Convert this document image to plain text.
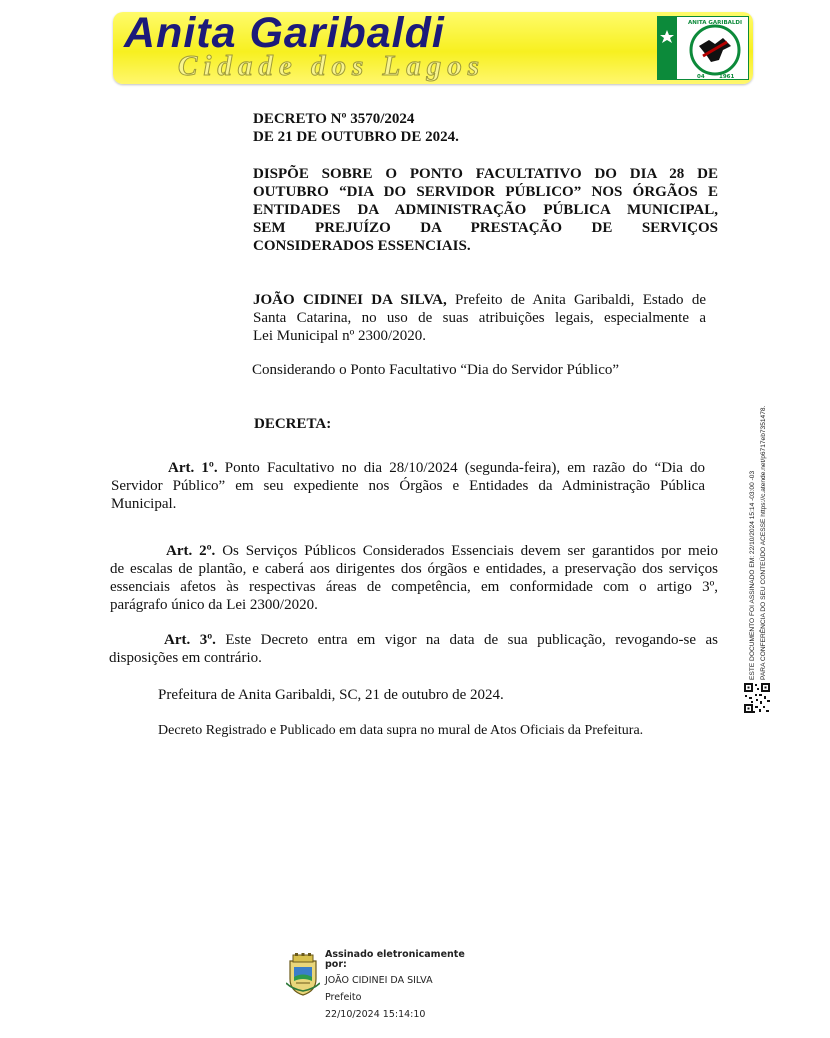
Anita Garibaldi
Cidade dos Lagos
ANITA GARIBALDI
04	1961
DECRETO Nº 3570/2024
DE 21 DE OUTUBRO DE 2024.
DISPÕE SOBRE O PONTO FACULTATIVO DO DIA 28 DE
OUTUBRO “DIA DO SERVIDOR PÚBLICO” NOS ÓRGÃOS E
ENTIDADES DA ADMINISTRAÇÃO PÚBLICA MUNICIPAL,
SEM PREJUÍZO DA PRESTAÇÃO DE SERVIÇOS
CONSIDERADOS ESSENCIAIS.
JOÃO CIDINEI DA SILVA, Prefeito de Anita Garibaldi, Estado de
Santa Catarina, no uso de suas atribuições legais, especialmente a
Lei Municipal nº 2300/2020.
Considerando o Ponto Facultativo “Dia do Servidor Público”
DECRETA:
Art. 1º. Ponto Facultativo no dia 28/10/2024 (segunda-feira), em razão do “Dia do
Servidor Público” em seu expediente nos Órgãos e Entidades da Administração Pública
Municipal.
Art. 2º. Os Serviços Públicos Considerados Essenciais devem ser garantidos por meio
de escalas de plantão, e caberá aos dirigentes dos órgãos e entidades, a preservação dos serviços
essenciais afetos às respectivas áreas de competência, em conformidade com o artigo 3º,
parágrafo único da Lei 2300/2020.
Art. 3º. Este Decreto entra em vigor na data de sua publicação, revogando-se as
disposições em contrário.
Prefeitura de Anita Garibaldi, SC, 21 de outubro de 2024.
Decreto Registrado e Publicado em data supra no mural de Atos Oficiais da Prefeitura.
ESTE DOCUMENTO FOI ASSINADO EM: 22/10/2024 15:14 -03:00 -03 PARA CONFERÊNCIA DO SEU CONTEÚDO ACESSE https://c.atende.net/p6717eb7351478.
Assinado eletronicamente
por:
JOÃO CIDINEI DA SILVA
Prefeito
22/10/2024 15:14:10
